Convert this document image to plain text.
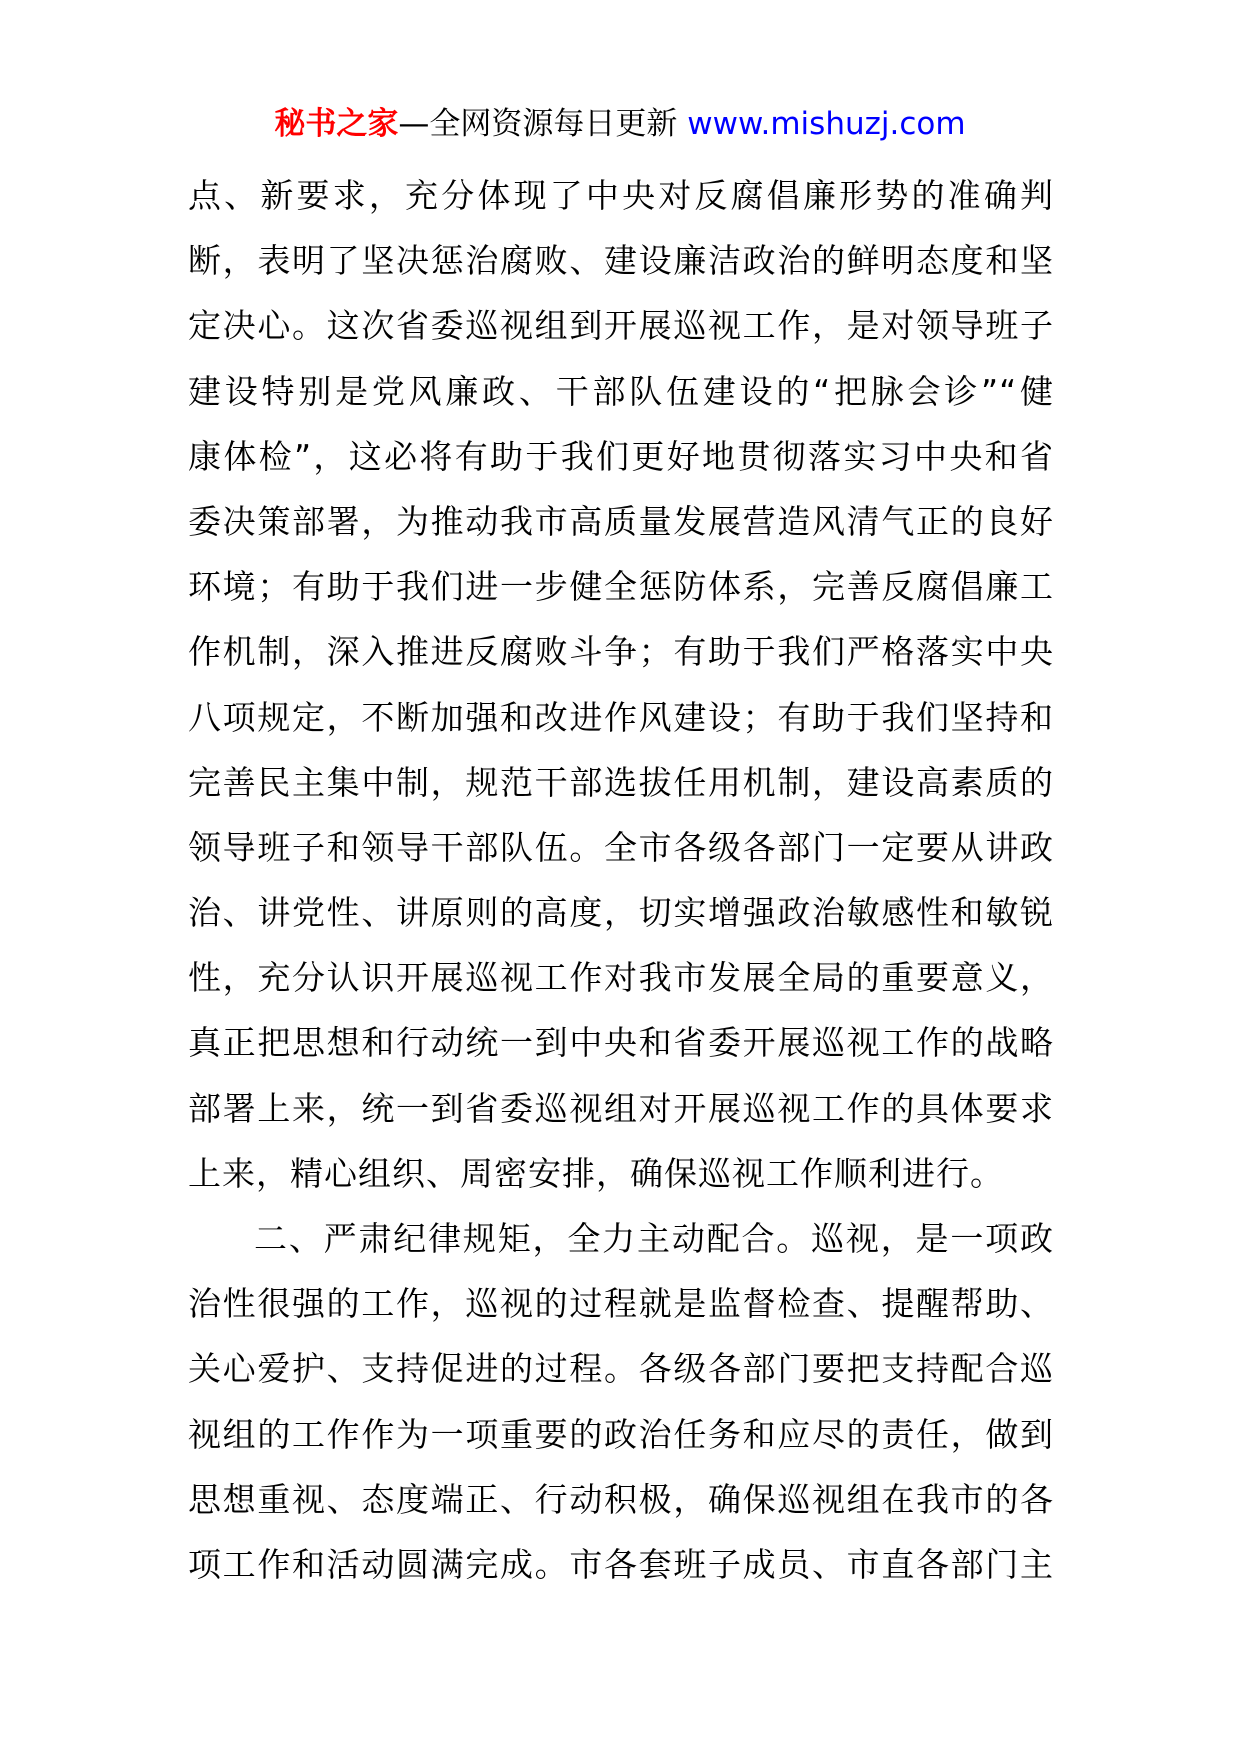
秘书之家—全网资源每日更新 www.mishuzj.com
点、新要求，充分体现了中央对反腐倡廉形势的准确判
断，表明了坚决惩治腐败、建设廉洁政治的鲜明态度和坚
定决心。这次省委巡视组到开展巡视工作，是对领导班子
建设特别是党风廉政、干部队伍建设的“把脉会诊”“健
康体检”，这必将有助于我们更好地贯彻落实习中央和省
委决策部署，为推动我市高质量发展营造风清气正的良好
环境；有助于我们进一步健全惩防体系，完善反腐倡廉工
作机制，深入推进反腐败斗争；有助于我们严格落实中央
八项规定，不断加强和改进作风建设；有助于我们坚持和
完善民主集中制，规范干部选拔任用机制，建设高素质的
领导班子和领导干部队伍。全市各级各部门一定要从讲政
治、讲党性、讲原则的高度，切实增强政治敏感性和敏锐
性，充分认识开展巡视工作对我市发展全局的重要意义，
真正把思想和行动统一到中央和省委开展巡视工作的战略
部署上来，统一到省委巡视组对开展巡视工作的具体要求
上来，精心组织、周密安排，确保巡视工作顺利进行。
二、严肃纪律规矩，全力主动配合。巡视，是一项政
治性很强的工作，巡视的过程就是监督检查、提醒帮助、
关心爱护、支持促进的过程。各级各部门要把支持配合巡
视组的工作作为一项重要的政治任务和应尽的责任，做到
思想重视、态度端正、行动积极，确保巡视组在我市的各
项工作和活动圆满完成。市各套班子成员、市直各部门主
